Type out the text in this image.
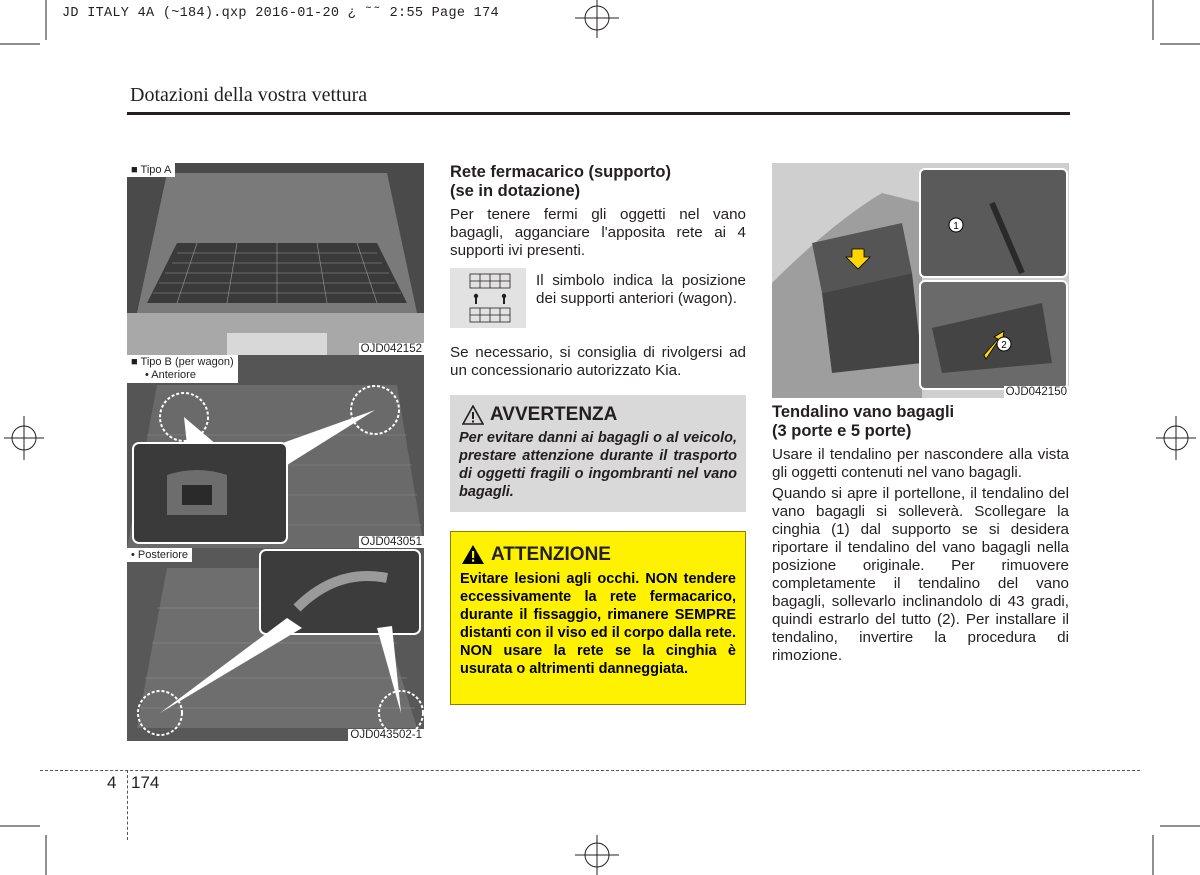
JD ITALY 4A (~184).qxp 2016-01-20 ¿ ˜˜ 2:55 Page 174
Dotazioni della vostra vettura
■ Tipo A
OJD042152
■ Tipo B (per wagon)
• Anteriore
OJD043051
• Posteriore
OJD043502-1
Rete fermacarico (supporto)
(se in dotazione)

Per tenere fermi gli oggetti nel vano bagagli, agganciare l'apposita rete ai 4 supporti ivi presenti.

Il simbolo indica la posizione dei supporti anteriori (wagon).

Se necessario, si consiglia di rivolgersi ad un concessionario autorizzato Kia.

AVVERTENZA
Per evitare danni ai bagagli o al veicolo, prestare attenzione durante il trasporto di oggetti fragili o ingombranti nel vano bagagli.
ATTENZIONE
Evitare lesioni agli occhi. NON tendere eccessivamente la rete fermacarico, durante il fissaggio, rimanere SEMPRE distanti con il viso ed il corpo dalla rete. NON usare la rete se la cinghia è usurata o altrimenti danneggiata.
1
2
OJD042150
Tendalino vano bagagli
(3 porte e 5 porte)

Usare il tendalino per nascondere alla vista gli oggetti contenuti nel vano bagagli.

Quando si apre il portellone, il tendalino del vano bagagli si solleverà. Scollegare la cinghia (1) dal supporto se si desidera riportare il tendalino del vano bagagli nella posizione originale. Per rimuovere completamente il tendalino del vano bagagli, sollevarlo inclinandolo di 43 gradi, quindi estrarlo del tutto (2). Per installare il tendalino, invertire la procedura di rimozione.

4 174
